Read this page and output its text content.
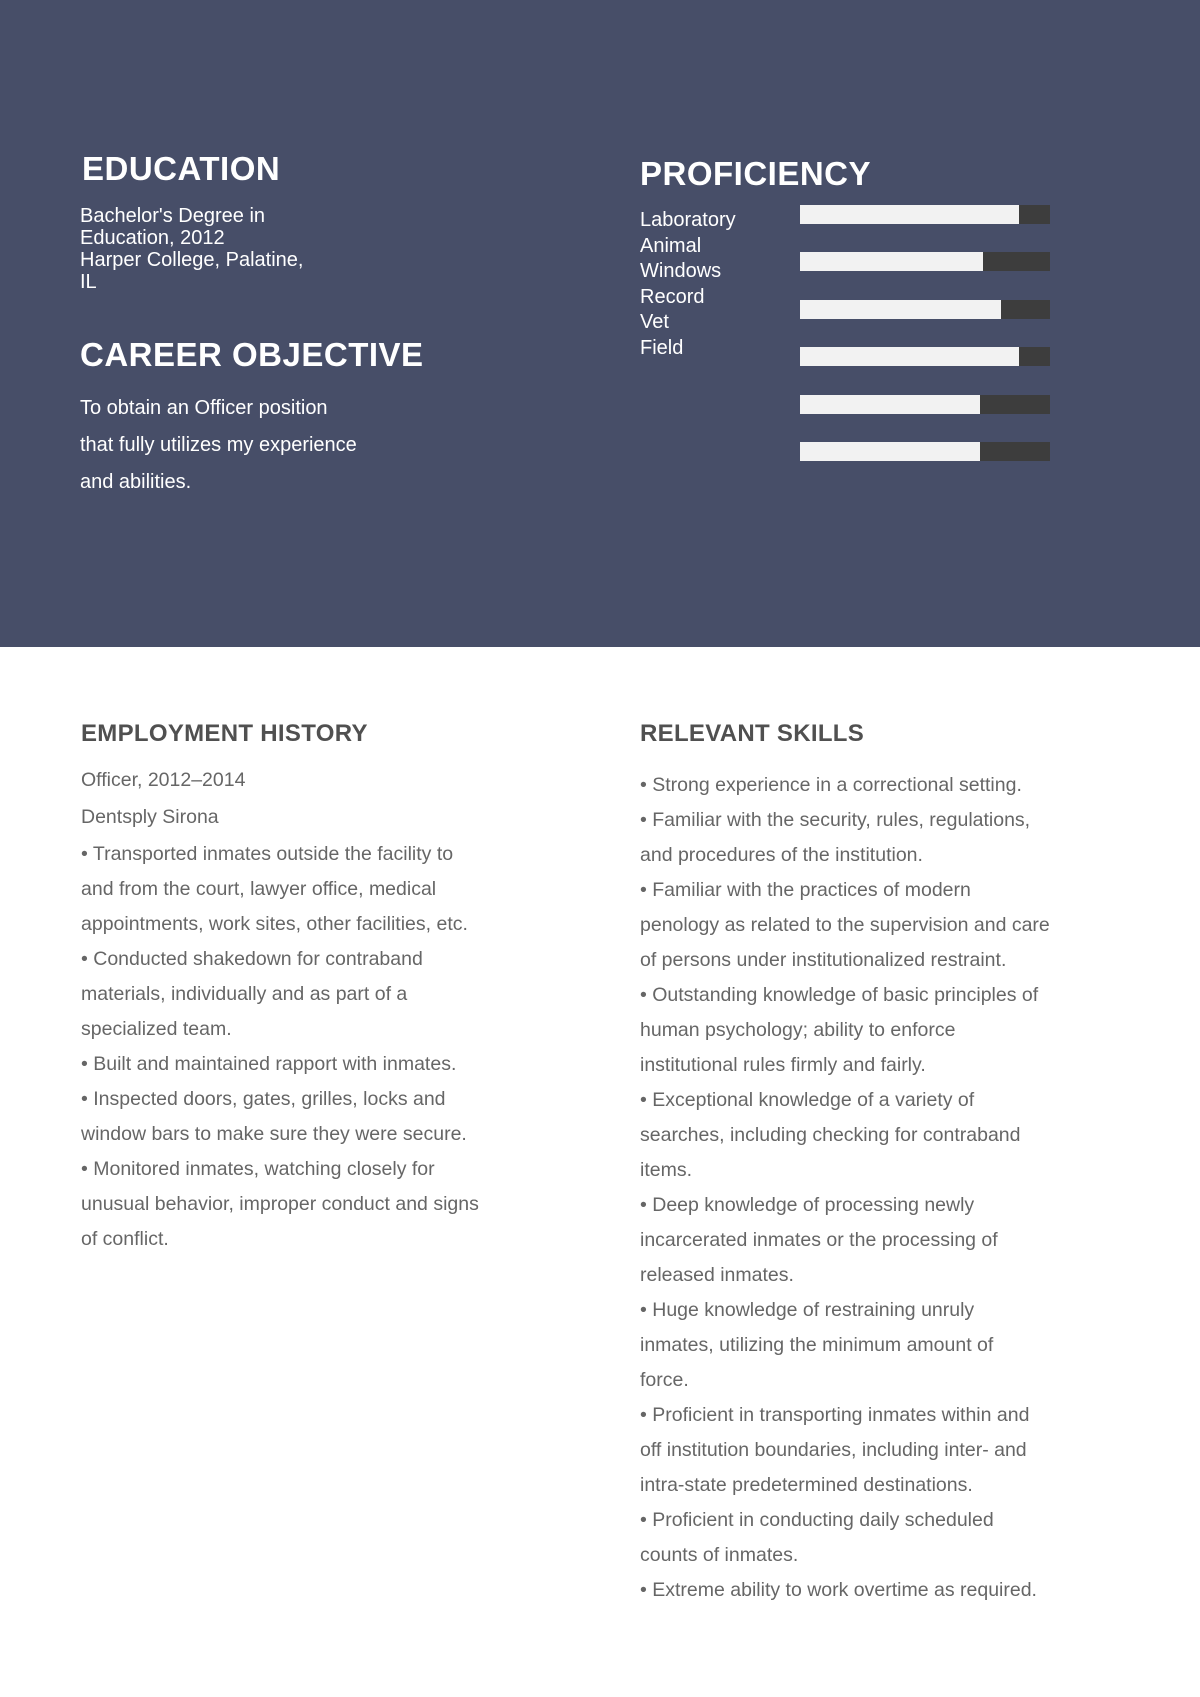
EDUCATION
Bachelor's Degree in
Education, 2012
Harper College, Palatine,
IL
CAREER OBJECTIVE
To obtain an Officer position
that fully utilizes my experience
and abilities.
PROFICIENCY
Laboratory
Animal
Windows
Record
Vet
Field
EMPLOYMENT HISTORY
Officer, 2012–2014
Dentsply Sirona
• Transported inmates outside the facility to
and from the court, lawyer office, medical
appointments, work sites, other facilities, etc.
• Conducted shakedown for contraband
materials, individually and as part of a
specialized team.
• Built and maintained rapport with inmates.
• Inspected doors, gates, grilles, locks and
window bars to make sure they were secure.
• Monitored inmates, watching closely for
unusual behavior, improper conduct and signs
of conflict.
RELEVANT SKILLS
• Strong experience in a correctional setting.
• Familiar with the security, rules, regulations,
and procedures of the institution.
• Familiar with the practices of modern
penology as related to the supervision and care
of persons under institutionalized restraint.
• Outstanding knowledge of basic principles of
human psychology; ability to enforce
institutional rules firmly and fairly.
• Exceptional knowledge of a variety of
searches, including checking for contraband
items.
• Deep knowledge of processing newly
incarcerated inmates or the processing of
released inmates.
• Huge knowledge of restraining unruly
inmates, utilizing the minimum amount of
force.
• Proficient in transporting inmates within and
off institution boundaries, including inter- and
intra-state predetermined destinations.
• Proficient in conducting daily scheduled
counts of inmates.
• Extreme ability to work overtime as required.
